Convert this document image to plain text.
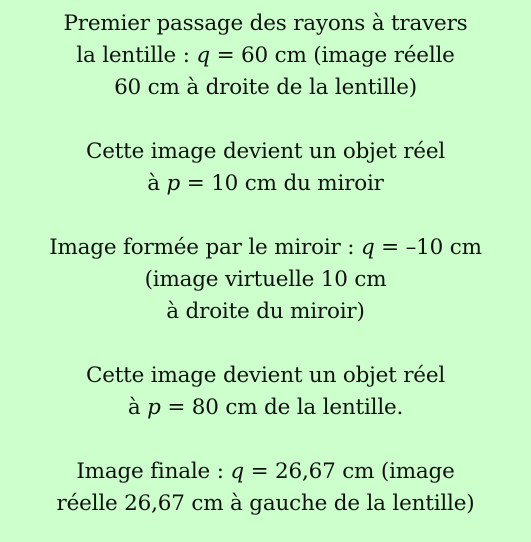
Premier passage des rayons à travers
la lentille : q = 60 cm (image réelle
60 cm à droite de la lentille)
Cette image devient un objet réel
à p = 10 cm du miroir
Image formée par le miroir : q = –10 cm
(image virtuelle 10 cm
à droite du miroir)
Cette image devient un objet réel
à p = 80 cm de la lentille.
Image finale : q = 26,67 cm (image
réelle 26,67 cm à gauche de la lentille)
